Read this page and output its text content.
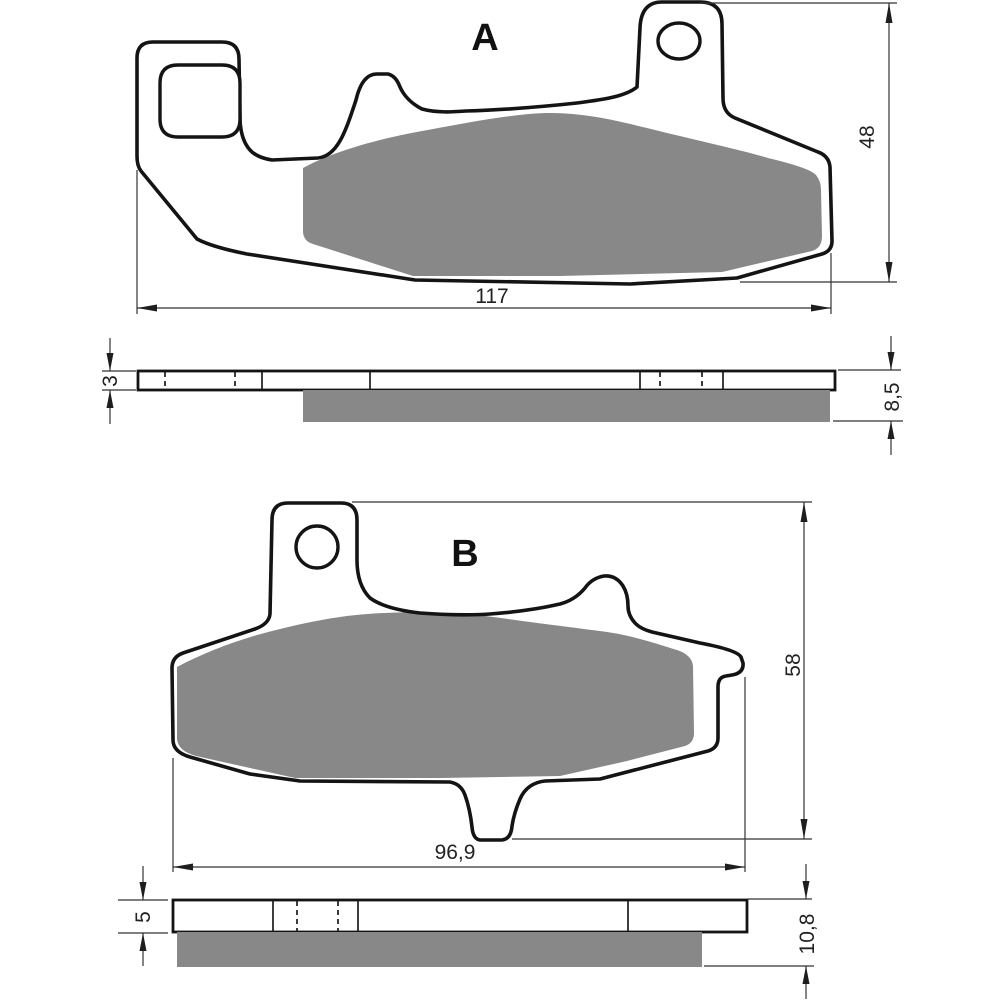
A
117
48
3
8,5
B
96,9
58
5	10,8
